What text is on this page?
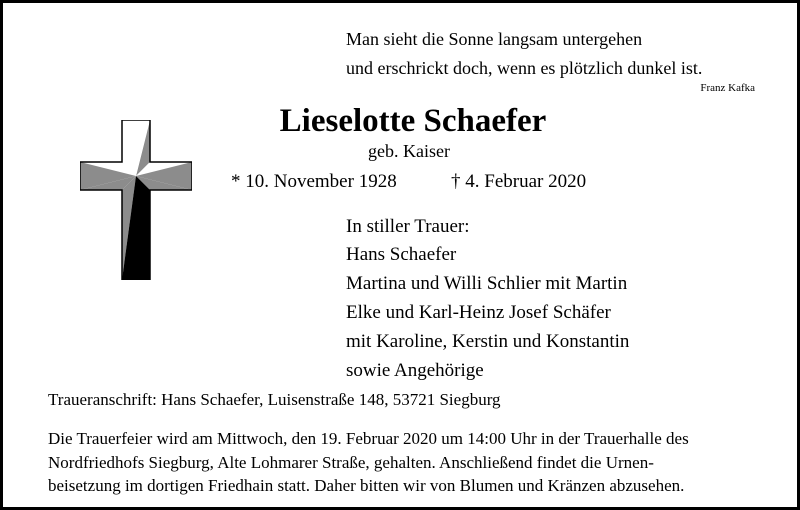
Man sieht die Sonne langsam untergehen
und erschrickt doch, wenn es plötzlich dunkel ist.
Franz Kafka
Lieselotte Schaefer
geb. Kaiser
* 10. November 1928	† 4. Februar 2020
In stiller Trauer:
Hans Schaefer
Martina und Willi Schlier mit Martin
Elke und Karl-Heinz Josef Schäfer
mit Karoline, Kerstin und Konstantin
sowie Angehörige
Traueranschrift: Hans Schaefer, Luisenstraße 148, 53721 Siegburg
Die Trauerfeier wird am Mittwoch, den 19. Februar 2020 um 14:00 Uhr in der Trauerhalle des
Nordfriedhofs Siegburg, Alte Lohmarer Straße, gehalten. Anschließend findet die Urnen-
beisetzung im dortigen Friedhain statt. Daher bitten wir von Blumen und Kränzen abzusehen.
